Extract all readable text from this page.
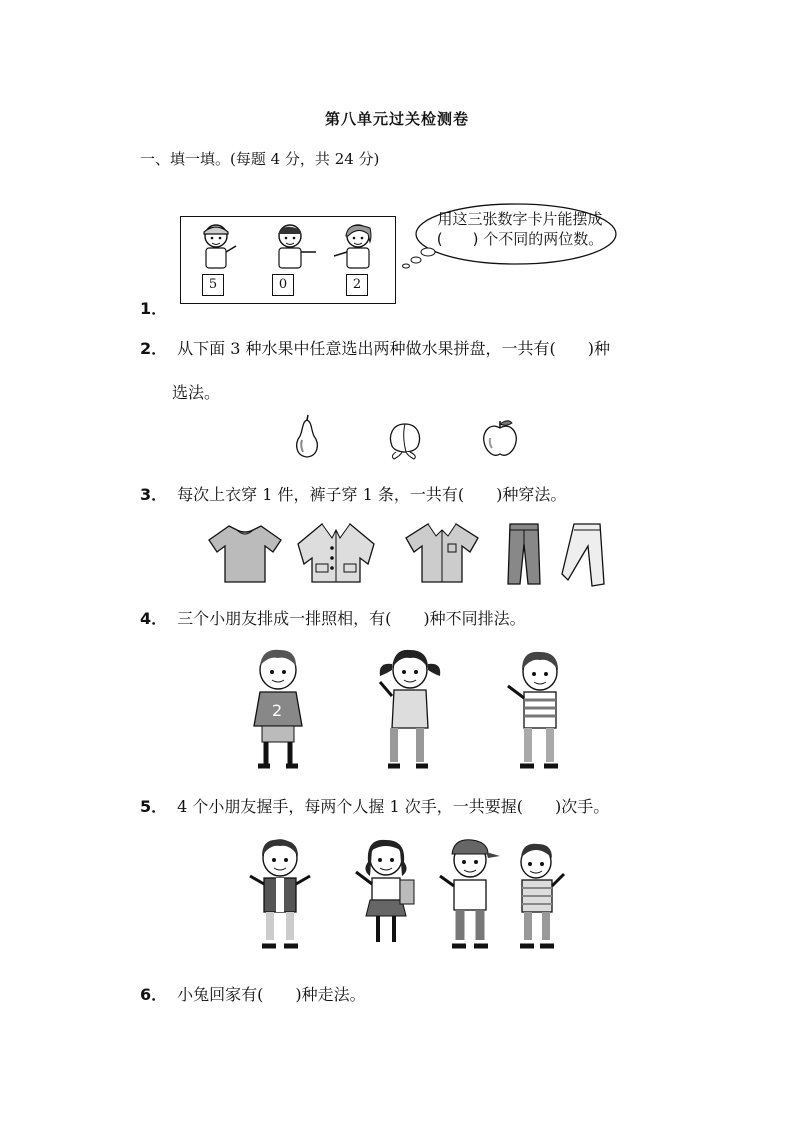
第八单元过关检测卷
一、填一填。(每题 4 分，共 24 分)
5	0	2
用这三张数字卡片能摆成
(　　) 个不同的两位数。
1．
2． 从下面 3 种水果中任意选出两种做水果拼盘，一共有(　　)种
选法。
3． 每次上衣穿 1 件，裤子穿 1 条，一共有(　　)种穿法。
4． 三个小朋友排成一排照相，有(　　)种不同排法。
2
5． 4 个小朋友握手，每两个人握 1 次手，一共要握(　　)次手。
6． 小兔回家有(　　)种走法。
